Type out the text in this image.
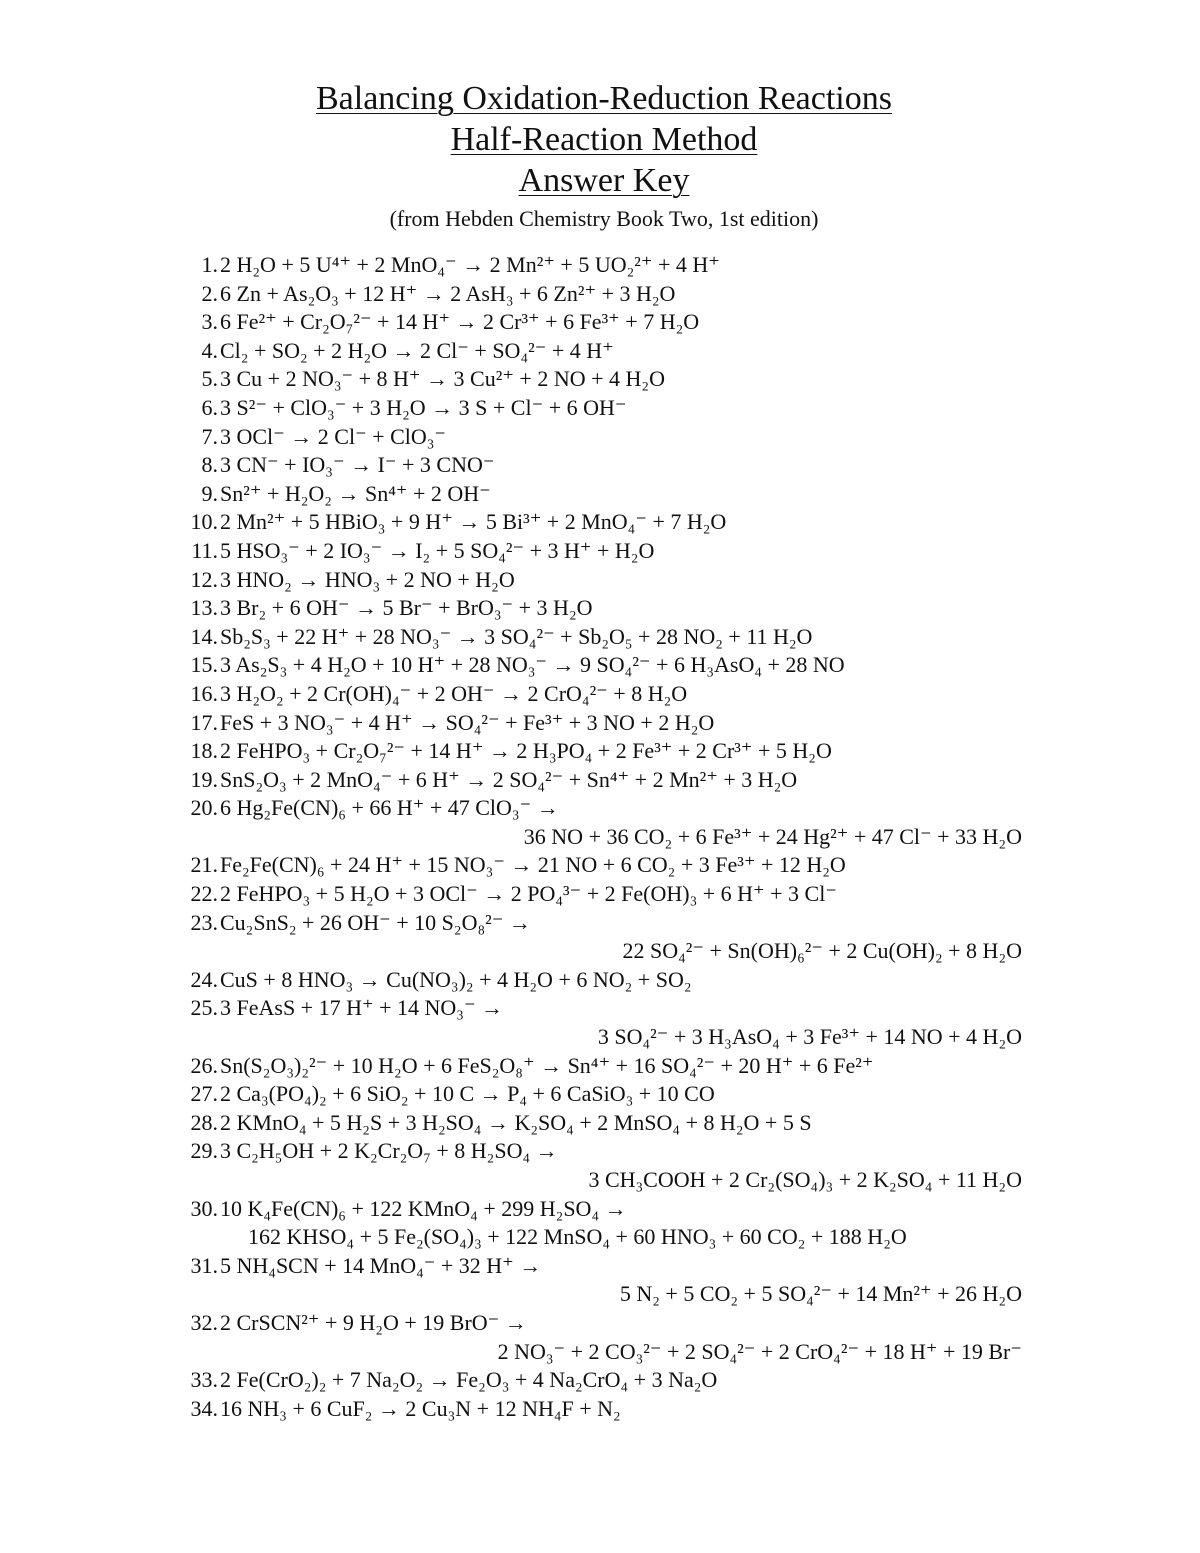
Balancing Oxidation-Reduction Reactions
Half-Reaction Method
Answer Key
(from Hebden Chemistry Book Two, 1st edition)
1. 2 H₂O + 5 U⁴⁺ + 2 MnO₄⁻ → 2 Mn²⁺ + 5 UO₂²⁺ + 4 H⁺
2. 6 Zn + As₂O₃ + 12 H⁺ → 2 AsH₃ + 6 Zn²⁺ + 3 H₂O
3. 6 Fe²⁺ + Cr₂O₇²⁻ + 14 H⁺ → 2 Cr³⁺ + 6 Fe³⁺ + 7 H₂O
4. Cl₂ + SO₂ + 2 H₂O → 2 Cl⁻ + SO₄²⁻ + 4 H⁺
5. 3 Cu + 2 NO₃⁻ + 8 H⁺ → 3 Cu²⁺ + 2 NO + 4 H₂O
6. 3 S²⁻ + ClO₃⁻ + 3 H₂O → 3 S + Cl⁻ + 6 OH⁻
7. 3 OCl⁻ → 2 Cl⁻ + ClO₃⁻
8. 3 CN⁻ + IO₃⁻ → I⁻ + 3 CNO⁻
9. Sn²⁺ + H₂O₂ → Sn⁴⁺ + 2 OH⁻
10. 2 Mn²⁺ + 5 HBiO₃ + 9 H⁺ → 5 Bi³⁺ + 2 MnO₄⁻ + 7 H₂O
11. 5 HSO₃⁻ + 2 IO₃⁻ → I₂ + 5 SO₄²⁻ + 3 H⁺ + H₂O
12. 3 HNO₂ → HNO₃ + 2 NO + H₂O
13. 3 Br₂ + 6 OH⁻ → 5 Br⁻ + BrO₃⁻ + 3 H₂O
14. Sb₂S₃ + 22 H⁺ + 28 NO₃⁻ → 3 SO₄²⁻ + Sb₂O₅ + 28 NO₂ + 11 H₂O
15. 3 As₂S₃ + 4 H₂O + 10 H⁺ + 28 NO₃⁻ → 9 SO₄²⁻ + 6 H₃AsO₄ + 28 NO
16. 3 H₂O₂ + 2 Cr(OH)₄⁻ + 2 OH⁻ → 2 CrO₄²⁻ + 8 H₂O
17. FeS + 3 NO₃⁻ + 4 H⁺ → SO₄²⁻ + Fe³⁺ + 3 NO + 2 H₂O
18. 2 FeHPO₃ + Cr₂O₇²⁻ + 14 H⁺ → 2 H₃PO₄ + 2 Fe³⁺ + 2 Cr³⁺ + 5 H₂O
19. SnS₂O₃ + 2 MnO₄⁻ + 6 H⁺ → 2 SO₄²⁻ + Sn⁴⁺ + 2 Mn²⁺ + 3 H₂O
20. 6 Hg₂Fe(CN)₆ + 66 H⁺ + 47 ClO₃⁻ →
36 NO + 36 CO₂ + 6 Fe³⁺ + 24 Hg²⁺ + 47 Cl⁻ + 33 H₂O
21. Fe₂Fe(CN)₆ + 24 H⁺ + 15 NO₃⁻ → 21 NO + 6 CO₂ + 3 Fe³⁺ + 12 H₂O
22. 2 FeHPO₃ + 5 H₂O + 3 OCl⁻ → 2 PO₄³⁻ + 2 Fe(OH)₃ + 6 H⁺ + 3 Cl⁻
23. Cu₂SnS₂ + 26 OH⁻ + 10 S₂O₈²⁻ →
22 SO₄²⁻ + Sn(OH)₆²⁻ + 2 Cu(OH)₂ + 8 H₂O
24. CuS + 8 HNO₃ → Cu(NO₃)₂ + 4 H₂O + 6 NO₂ + SO₂
25. 3 FeAsS + 17 H⁺ + 14 NO₃⁻ →
3 SO₄²⁻ + 3 H₃AsO₄ + 3 Fe³⁺ + 14 NO + 4 H₂O
26. Sn(S₂O₃)₂²⁻ + 10 H₂O + 6 FeS₂O₈⁺ → Sn⁴⁺ + 16 SO₄²⁻ + 20 H⁺ + 6 Fe²⁺
27. 2 Ca₃(PO₄)₂ + 6 SiO₂ + 10 C → P₄ + 6 CaSiO₃ + 10 CO
28. 2 KMnO₄ + 5 H₂S + 3 H₂SO₄ → K₂SO₄ + 2 MnSO₄ + 8 H₂O + 5 S
29. 3 C₂H₅OH + 2 K₂Cr₂O₇ + 8 H₂SO₄ →
3 CH₃COOH + 2 Cr₂(SO₄)₃ + 2 K₂SO₄ + 11 H₂O
30. 10 K₄Fe(CN)₆ + 122 KMnO₄ + 299 H₂SO₄ →
162 KHSO₄ + 5 Fe₂(SO₄)₃ + 122 MnSO₄ + 60 HNO₃ + 60 CO₂ + 188 H₂O
31. 5 NH₄SCN + 14 MnO₄⁻ + 32 H⁺ →
5 N₂ + 5 CO₂ + 5 SO₄²⁻ + 14 Mn²⁺ + 26 H₂O
32. 2 CrSCN²⁺ + 9 H₂O + 19 BrO⁻ →
2 NO₃⁻ + 2 CO₃²⁻ + 2 SO₄²⁻ + 2 CrO₄²⁻ + 18 H⁺ + 19 Br⁻
33. 2 Fe(CrO₂)₂ + 7 Na₂O₂ → Fe₂O₃ + 4 Na₂CrO₄ + 3 Na₂O
34. 16 NH₃ + 6 CuF₂ → 2 Cu₃N + 12 NH₄F + N₂
